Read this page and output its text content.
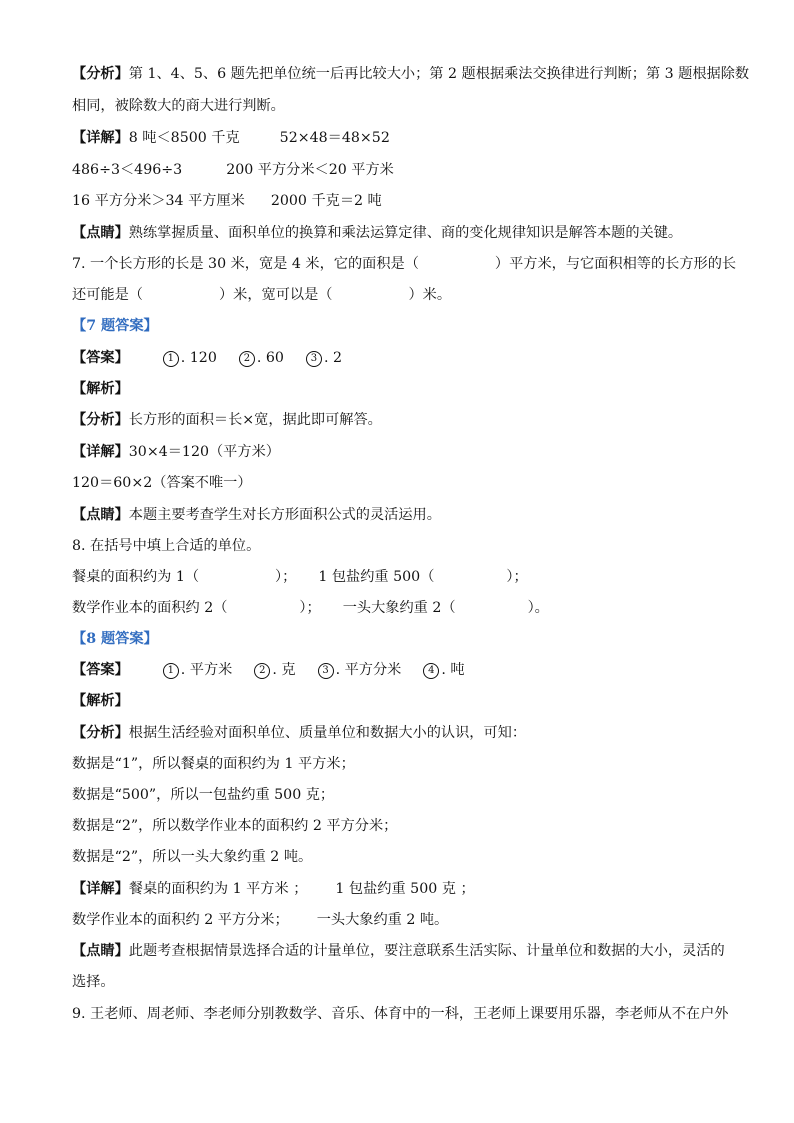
【分析】第 1、4、5、6 题先把单位统一后再比较大小；第 2 题根据乘法交换律进行判断；第 3 题根据除数
相同，被除数大的商大进行判断。
【详解】8 吨＜8500 千克	52×48＝48×52
486÷3＜496÷3	200 平方分米＜20 平方米
16 平方分米＞34 平方厘米 2000 千克＝2 吨
【点睛】熟练掌握质量、面积单位的换算和乘法运算定律、商的变化规律知识是解答本题的关键。
7. 一个长方形的长是 30 米，宽是 4 米，它的面积是（	）平方米，与它面积相等的长方形的长
还可能是（	）米，宽可以是（	）米。
【7 题答案】
【答案】	1 . 120	2 . 60	3 . 2
【解析】
【分析】长方形的面积＝长×宽，据此即可解答。
【详解】30×4＝120（平方米）
120＝60×2（答案不唯一）
【点睛】本题主要考查学生对长方形面积公式的灵活运用。
8. 在括号中填上合适的单位。
餐桌的面积约为 1（	）； 1 包盐约重 500（	）；
数学作业本的面积约 2（	）； 一头大象约重 2（	）。
【8 题答案】
【答案】	1 . 平方米	2 . 克	3 . 平方分米	4 . 吨
【解析】
【分析】根据生活经验对面积单位、质量单位和数据大小的认识，可知：
数据是“1”，所以餐桌的面积约为 1 平方米；
数据是“500”，所以一包盐约重 500 克；
数据是“2”，所以数学作业本的面积约 2 平方分米；
数据是“2”，所以一头大象约重 2 吨。
【详解】餐桌的面积约为 1 平方米 ； 1 包盐约重 500 克 ；
数学作业本的面积约 2 平方分米； 一头大象约重 2 吨。
【点睛】此题考查根据情景选择合适的计量单位，要注意联系生活实际、计量单位和数据的大小，灵活的
选择。
9. 王老师、周老师、李老师分别教数学、音乐、体育中的一科，王老师上课要用乐器，李老师从不在户外
